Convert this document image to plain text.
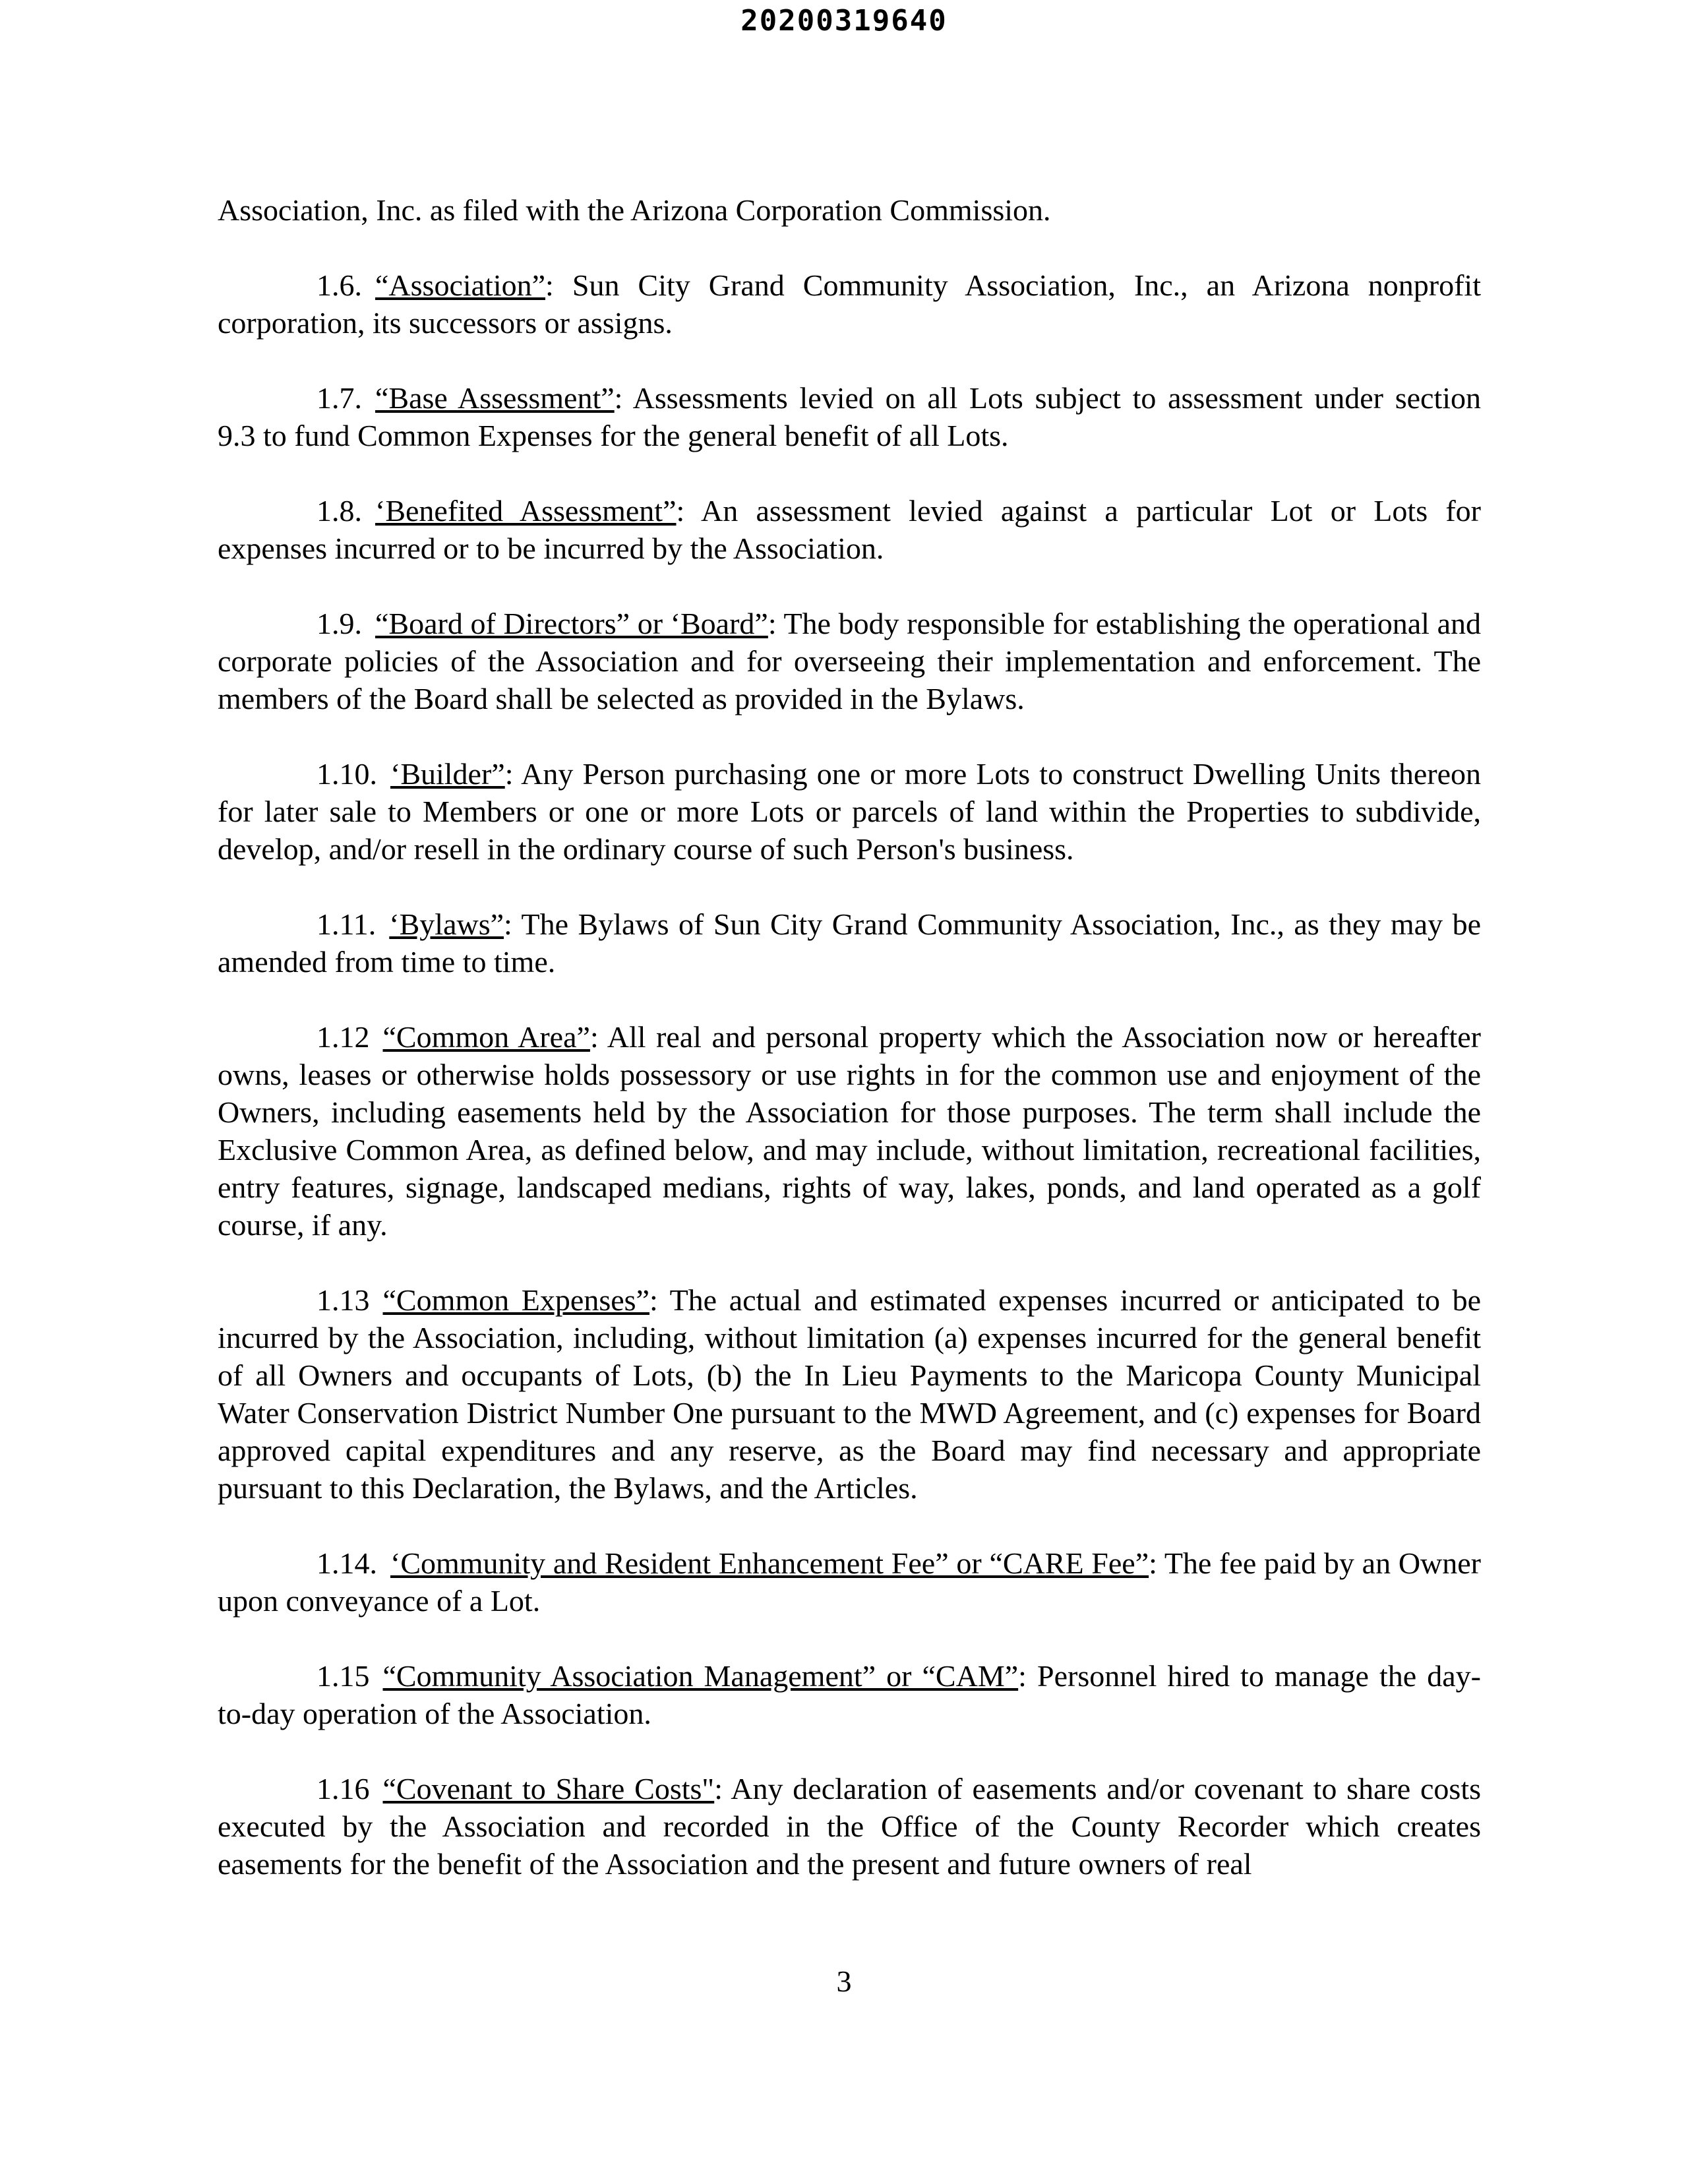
20200319640

Association, Inc. as filed with the Arizona Corporation Commission.

1.6. “Association”: Sun City Grand Community Association, Inc., an Arizona nonprofit corporation, its successors or assigns.

1.7. “Base Assessment”: Assessments levied on all Lots subject to assessment under section 9.3 to fund Common Expenses for the general benefit of all Lots.

1.8. ‘Benefited Assessment”: An assessment levied against a particular Lot or Lots for expenses incurred or to be incurred by the Association.

1.9. “Board of Directors” or ‘Board”: The body responsible for establishing the operational and corporate policies of the Association and for overseeing their implementation and enforcement. The members of the Board shall be selected as provided in the Bylaws.

1.10. ‘Builder”: Any Person purchasing one or more Lots to construct Dwelling Units thereon for later sale to Members or one or more Lots or parcels of land within the Properties to subdivide, develop, and/or resell in the ordinary course of such Person's business.

1.11. ‘Bylaws”: The Bylaws of Sun City Grand Community Association, Inc., as they may be amended from time to time.

1.12 “Common Area”: All real and personal property which the Association now or hereafter owns, leases or otherwise holds possessory or use rights in for the common use and enjoyment of the Owners, including easements held by the Association for those purposes. The term shall include the Exclusive Common Area, as defined below, and may include, without limitation, recreational facilities, entry features, signage, landscaped medians, rights of way, lakes, ponds, and land operated as a golf course, if any.

1.13 “Common Expenses”: The actual and estimated expenses incurred or anticipated to be incurred by the Association, including, without limitation (a) expenses incurred for the general benefit of all Owners and occupants of Lots, (b) the In Lieu Payments to the Maricopa County Municipal Water Conservation District Number One pursuant to the MWD Agreement, and (c) expenses for Board approved capital expenditures and any reserve, as the Board may find necessary and appropriate pursuant to this Declaration, the Bylaws, and the Articles.

1.14. ‘Community and Resident Enhancement Fee” or “CARE Fee”: The fee paid by an Owner upon conveyance of a Lot.

1.15 “Community Association Management” or “CAM”: Personnel hired to manage the day-to-day operation of the Association.

1.16 “Covenant to Share Costs": Any declaration of easements and/or covenant to share costs executed by the Association and recorded in the Office of the County Recorder which creates easements for the benefit of the Association and the present and future owners of real

3
